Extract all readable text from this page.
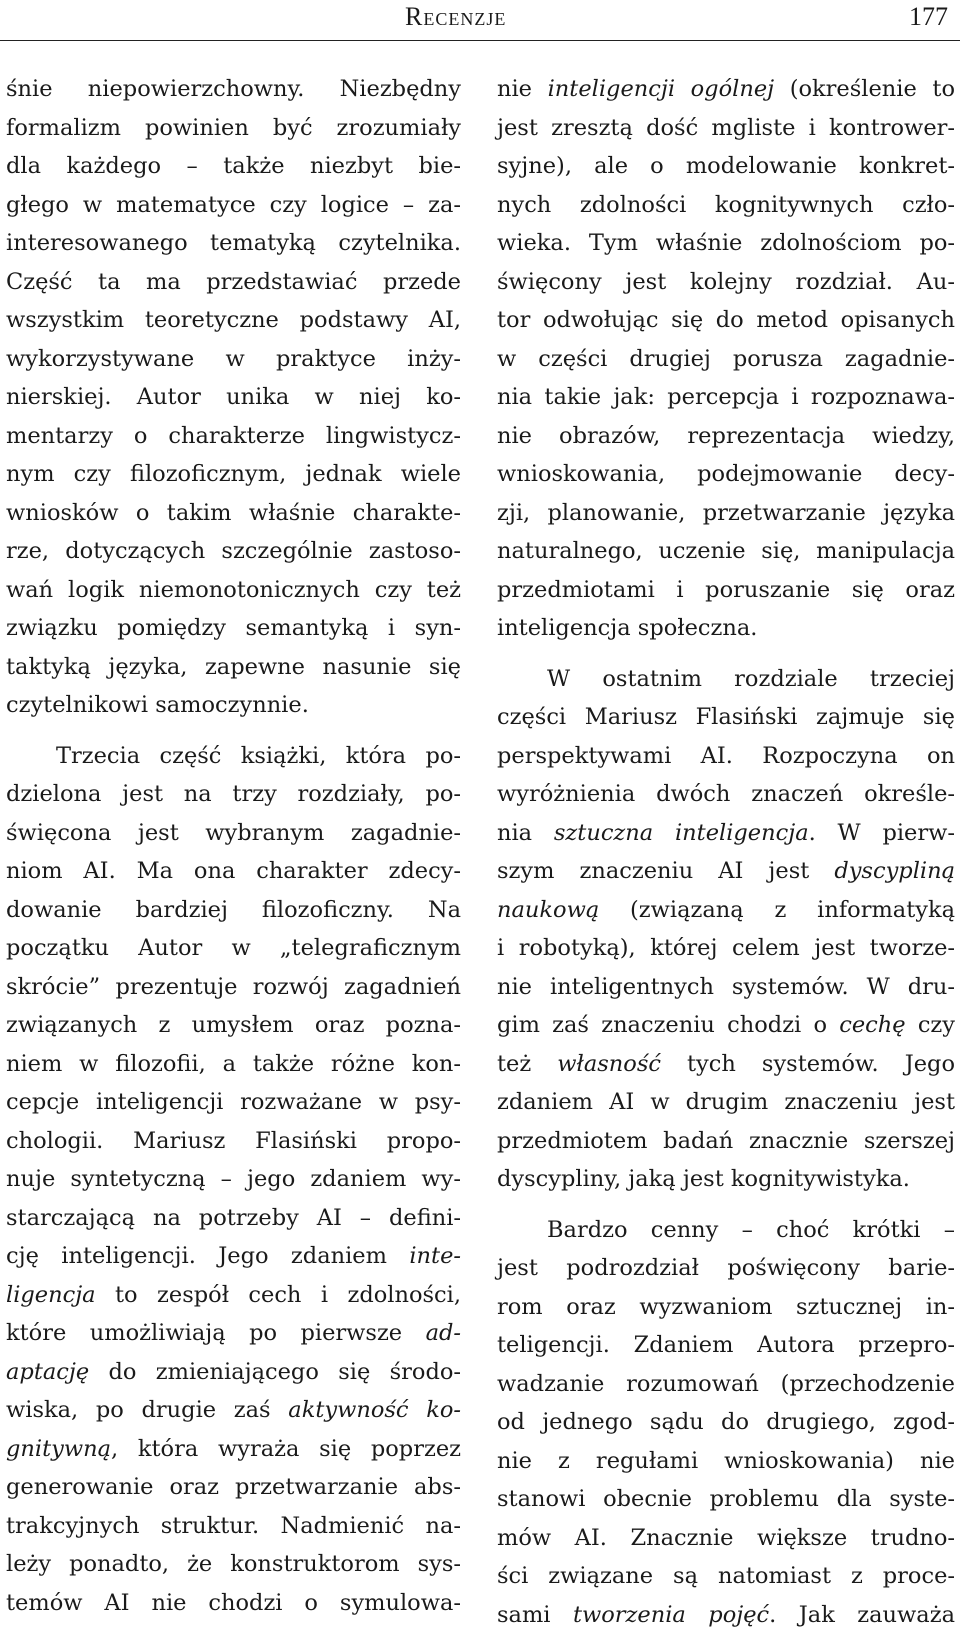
Recenzje	177
śnie niepowierzchowny. Niezbędny
formalizm powinien być zrozumiały
dla każdego – także niezbyt bie-
głego w matematyce czy logice – za-
interesowanego tematyką czytelnika.
Część ta ma przedstawiać przede
wszystkim teoretyczne podstawy AI,
wykorzystywane w praktyce inży-
nierskiej. Autor unika w niej ko-
mentarzy o charakterze lingwistycz-
nym czy filozoficznym, jednak wiele
wniosków o takim właśnie charakte-
rze, dotyczących szczególnie zastoso-
wań logik niemonotonicznych czy też
związku pomiędzy semantyką i syn-
taktyką języka, zapewne nasunie się
czytelnikowi samoczynnie.
Trzecia część książki, która po-
dzielona jest na trzy rozdziały, po-
święcona jest wybranym zagadnie-
niom AI. Ma ona charakter zdecy-
dowanie bardziej filozoficzny. Na
początku Autor w „telegraficznym
skrócie” prezentuje rozwój zagadnień
związanych z umysłem oraz pozna-
niem w filozofii, a także różne kon-
cepcje inteligencji rozważane w psy-
chologii. Mariusz Flasiński propo-
nuje syntetyczną – jego zdaniem wy-
starczającą na potrzeby AI – defini-
cję inteligencji. Jego zdaniem inte-
ligencja to zespół cech i zdolności,
które umożliwiają po pierwsze ad-
aptację do zmieniającego się środo-
wiska, po drugie zaś aktywność ko-
gnitywną, która wyraża się poprzez
generowanie oraz przetwarzanie abs-
trakcyjnych struktur. Nadmienić na-
leży ponadto, że konstruktorom sys-
temów AI nie chodzi o symulowa-
nie inteligencji ogólnej (określenie to
jest zresztą dość mgliste i kontrower-
syjne), ale o modelowanie konkret-
nych zdolności kognitywnych czło-
wieka. Tym właśnie zdolnościom po-
święcony jest kolejny rozdział. Au-
tor odwołując się do metod opisanych
w części drugiej porusza zagadnie-
nia takie jak: percepcja i rozpoznawa-
nie obrazów, reprezentacja wiedzy,
wnioskowania, podejmowanie decy-
zji, planowanie, przetwarzanie języka
naturalnego, uczenie się, manipulacja
przedmiotami i poruszanie się oraz
inteligencja społeczna.
W ostatnim rozdziale trzeciej
części Mariusz Flasiński zajmuje się
perspektywami AI. Rozpoczyna on
wyróżnienia dwóch znaczeń określe-
nia sztuczna inteligencja. W pierw-
szym znaczeniu AI jest dyscypliną
naukową (związaną z informatyką
i robotyką), której celem jest tworze-
nie inteligentnych systemów. W dru-
gim zaś znaczeniu chodzi o cechę czy
też własność tych systemów. Jego
zdaniem AI w drugim znaczeniu jest
przedmiotem badań znacznie szerszej
dyscypliny, jaką jest kognitywistyka.
Bardzo cenny – choć krótki –
jest podrozdział poświęcony barie-
rom oraz wyzwaniom sztucznej in-
teligencji. Zdaniem Autora przepro-
wadzanie rozumowań (przechodzenie
od jednego sądu do drugiego, zgod-
nie z regułami wnioskowania) nie
stanowi obecnie problemu dla syste-
mów AI. Znacznie większe trudno-
ści związane są natomiast z proce-
sami tworzenia pojęć. Jak zauważa
